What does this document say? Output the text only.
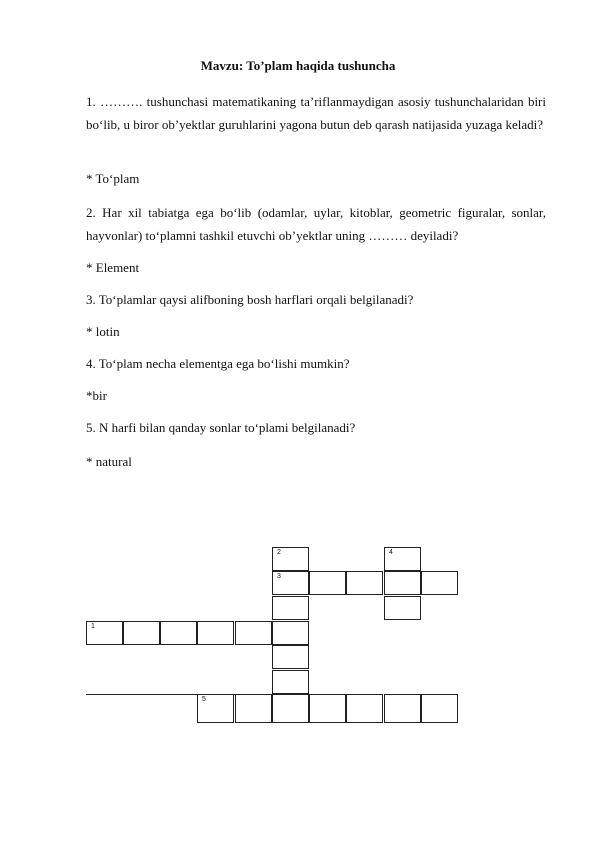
Mavzu: To’plam haqida tushuncha
1. ………. tushunchasi matematikaning ta’riflanmaydigan asosiy tushunchalaridan biri bo‘lib, u biror ob’yektlar guruhlarini yagona butun deb qarash natijasida yuzaga keladi?
* To‘plam
2. Har xil tabiatga ega bo‘lib (odamlar, uylar, kitoblar, geometric figuralar, sonlar, hayvonlar) to‘plamni tashkil etuvchi ob’yektlar uning ……… deyiladi?
* Element
3. To‘plamlar qaysi alifboning bosh harflari orqali belgilanadi?
* lotin
4. To‘plam necha elementga ega bo‘lishi mumkin?
*bir
5. N harfi bilan qanday sonlar to‘plami belgilanadi?
* natural
2	4
3
1
5
